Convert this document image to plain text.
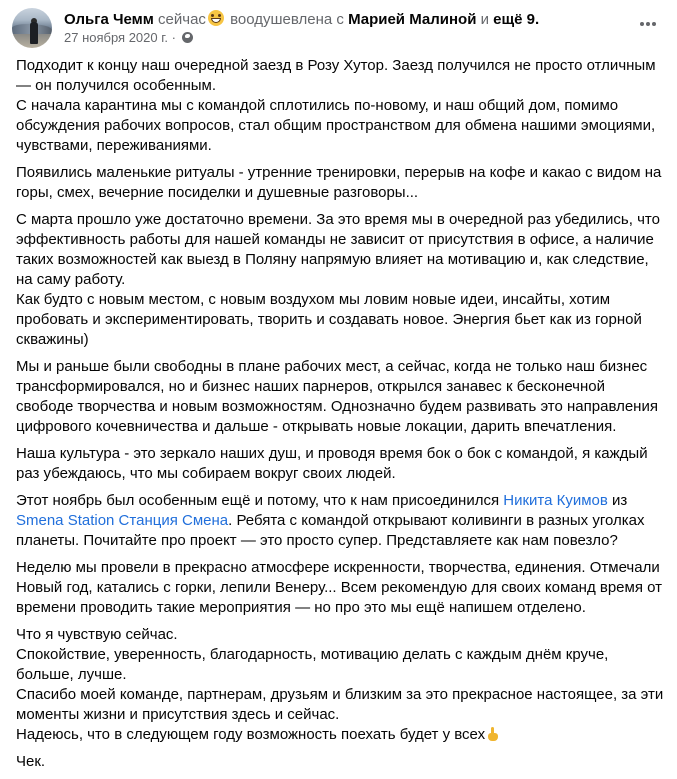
Ольга Чемм сейчас воодушевлена с Марией Малиной и ещё 9.
27 ноября 2020 г. ·

Подходит к концу наш очередной заезд в Розу Хутор. Заезд получился не просто отличным — он получился особенным.
С начала карантина мы с командой сплотились по-новому, и наш общий дом, помимо обсуждения рабочих вопросов, стал общим пространством для обмена нашими эмоциями, чувствами, переживаниями.

Появились маленькие ритуалы - утренние тренировки, перерыв на кофе и какао с видом на горы, смех, вечерние посиделки и душевные разговоры...

С марта прошло уже достаточно времени. За это время мы в очередной раз убедились, что эффективность работы для нашей команды не зависит от присутствия в офисе, а наличие таких возможностей как выезд в Поляну напрямую влияет на мотивацию и, как следствие, на саму работу.
Как будто с новым местом, с новым воздухом мы ловим новые идеи, инсайты, хотим пробовать и экспериментировать, творить и создавать новое. Энергия бьет как из горной скважины)

Мы и раньше были свободны в плане рабочих мест, а сейчас, когда не только наш бизнес трансформировался, но и бизнес наших парнеров, открылся занавес к бесконечной свободе творчества и новым возможностям. Однозначно будем развивать это направления цифрового кочевничества и дальше - открывать новые локации, дарить впечатления.

Наша культура - это зеркало наших душ, и проводя время бок о бок с командой, я каждый раз убеждаюсь, что мы собираем вокруг своих людей.

Этот ноябрь был особенным ещё и потому, что к нам присоединился Никита Куимов из Smena Station Станция Смена. Ребята с командой открывают коливинги в разных уголках планеты. Почитайте про проект — это просто супер. Представляете как нам повезло?

Неделю мы провели в прекрасно атмосфере искренности, творчества, единения. Отмечали Новый год, катались с горки, лепили Венеру... Всем рекомендую для своих команд время от времени проводить такие мероприятия — но про это мы ещё напишем отделено.

Что я чувствую сейчас.
Спокойствие, уверенность, благодарность, мотивацию делать с каждым днём круче, больше, лучше.
Спасибо моей команде, партнерам, друзьям и близким за это прекрасное настоящее, за эти моменты жизни и присутствия здесь и сейчас.
Надеюсь, что в следующем году возможность поехать будет у всех

Чек.
